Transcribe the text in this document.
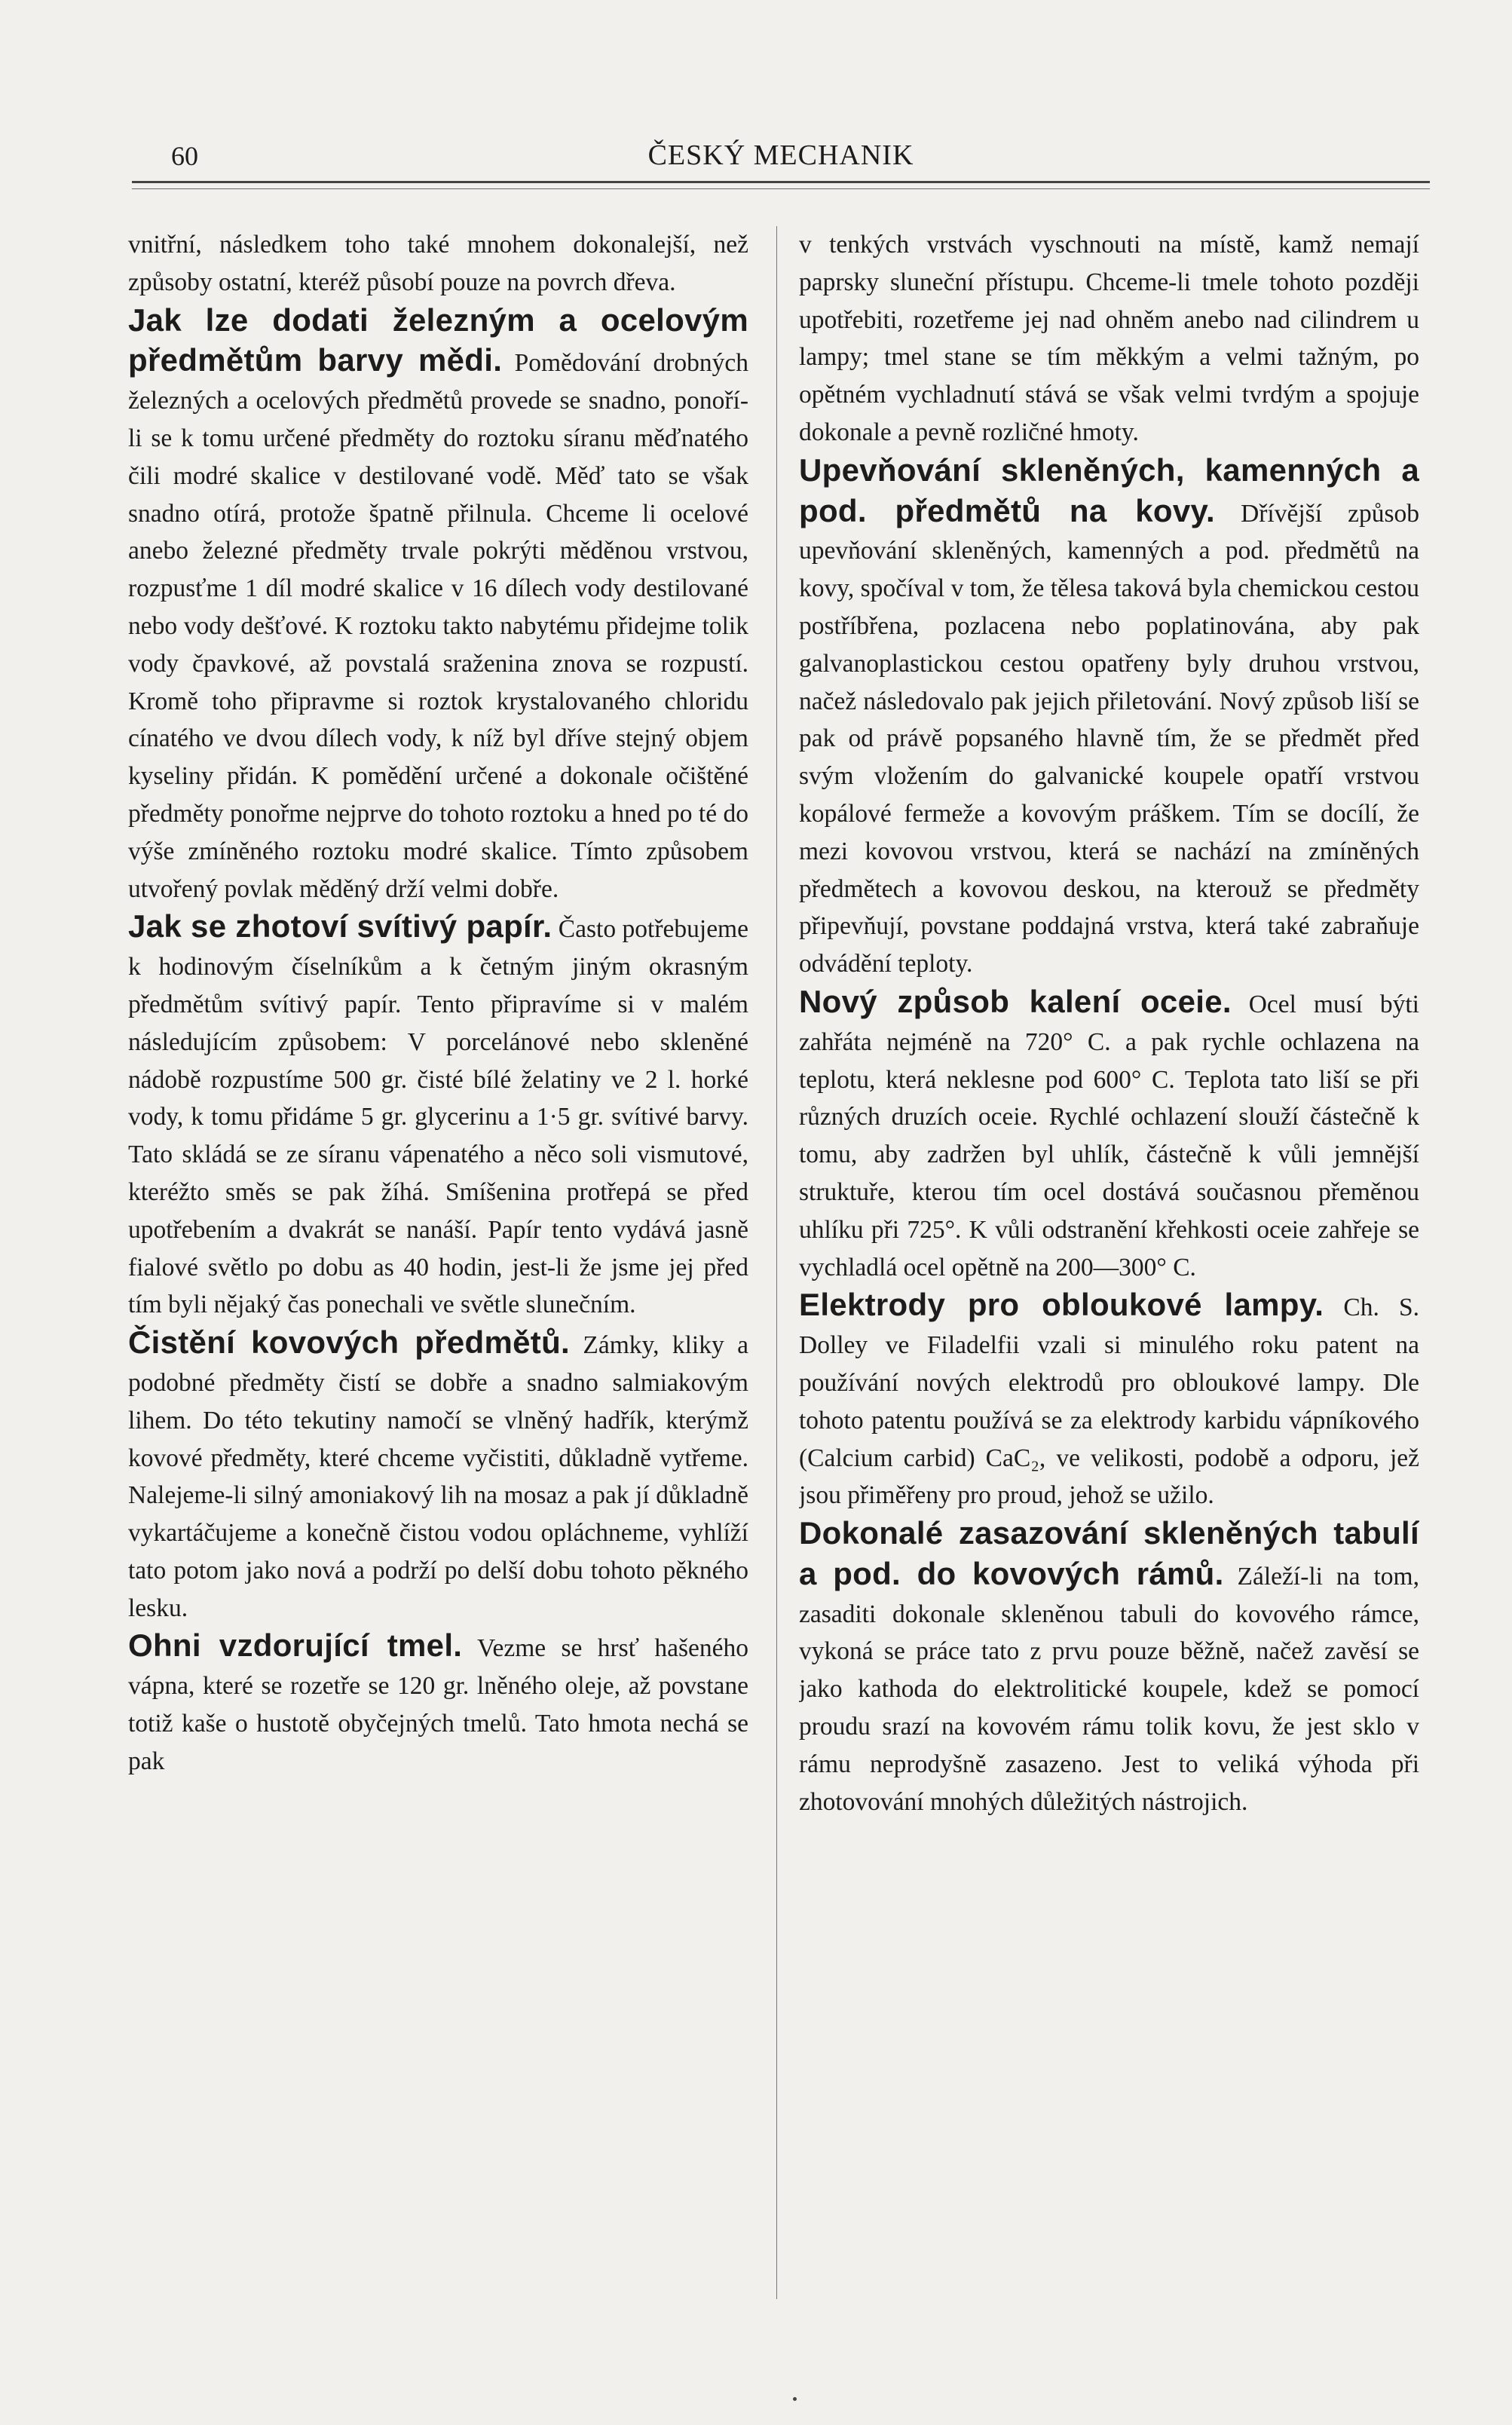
60	ČESKÝ MECHANIK

vnitřní, následkem toho také mnohem dokonalejší, než způsoby ostatní, kteréž působí pouze na povrch dřeva.

Jak lze dodati železným a ocelovým předmětům barvy mědi. Pomědování drobných železných a ocelových předmětů provede se snadno, ponoří-li se k tomu určené předměty do roztoku síranu měďnatého čili modré skalice v destilované vodě. Měď tato se však snadno otírá, protože špatně přilnula. Chceme li ocelové anebo železné předměty trvale pokrýti měděnou vrstvou, rozpusťme 1 díl modré skalice v 16 dílech vody destilované nebo vody dešťové. K roztoku takto nabytému přidejme tolik vody čpavkové, až povstalá sraženina znova se rozpustí. Kromě toho připravme si roztok krystalovaného chloridu cínatého ve dvou dílech vody, k níž byl dříve stejný objem kyseliny přidán. K pomědění určené a dokonale očištěné předměty ponořme nejprve do tohoto roztoku a hned po té do výše zmíněného roztoku modré skalice. Tímto způsobem utvořený povlak měděný drží velmi dobře.

Jak se zhotoví svítivý papír. Často potřebujeme k hodinovým číselníkům a k četným jiným okrasným předmětům svítivý papír. Tento připravíme si v malém následujícím způsobem: V porcelánové nebo skleněné nádobě rozpustíme 500 gr. čisté bílé želatiny ve 2 l. horké vody, k tomu přidáme 5 gr. glycerinu a 1·5 gr. svítivé barvy. Tato skládá se ze síranu vápenatého a něco soli vismutové, kteréžto směs se pak žíhá. Smíšenina protřepá se před upotřebením a dvakrát se nanáší. Papír tento vydává jasně fialové světlo po dobu as 40 hodin, jest-li že jsme jej před tím byli nějaký čas ponechali ve světle slunečním.

Čistění kovových předmětů. Zámky, kliky a podobné předměty čistí se dobře a snadno salmiakovým lihem. Do této tekutiny namočí se vlněný hadřík, kterýmž kovové předměty, které chceme vyčistiti, důkladně vytřeme. Nalejeme-li silný amoniakový lih na mosaz a pak jí důkladně vykartáčujeme a konečně čistou vodou opláchneme, vyhlíží tato potom jako nová a podrží po delší dobu tohoto pěkného lesku.

Ohni vzdorující tmel. Vezme se hrsť hašeného vápna, které se rozetře se 120 gr. lněného oleje, až povstane totiž kaše o hustotě obyčejných tmelů. Tato hmota nechá se pak

v tenkých vrstvách vyschnouti na místě, kamž nemají paprsky sluneční přístupu. Chceme-li tmele tohoto později upotřebiti, rozetřeme jej nad ohněm anebo nad cilindrem u lampy; tmel stane se tím měkkým a velmi tažným, po opětném vychladnutí stává se však velmi tvrdým a spojuje dokonale a pevně rozličné hmoty.

Upevňování skleněných, kamenných a pod. předmětů na kovy. Dřívější způsob upevňování skleněných, kamenných a pod. předmětů na kovy, spočíval v tom, že tělesa taková byla chemickou cestou postříbřena, pozlacena nebo poplatinována, aby pak galvanoplastickou cestou opatřeny byly druhou vrstvou, načež následovalo pak jejich přiletování. Nový způsob liší se pak od právě popsaného hlavně tím, že se předmět před svým vložením do galvanické koupele opatří vrstvou kopálové fermeže a kovovým práškem. Tím se docílí, že mezi kovovou vrstvou, která se nachází na zmíněných předmětech a kovovou deskou, na kterouž se předměty připevňují, povstane poddajná vrstva, která také zabraňuje odvádění teploty.

Nový způsob kalení oceie. Ocel musí býti zahřáta nejméně na 720° C. a pak rychle ochlazena na teplotu, která neklesne pod 600° C. Teplota tato liší se při různých druzích oceie. Rychlé ochlazení slouží částečně k tomu, aby zadržen byl uhlík, částečně k vůli jemnější struktuře, kterou tím ocel dostává současnou přeměnou uhlíku při 725°. K vůli odstranění křehkosti oceie zahřeje se vychladlá ocel opětně na 200—300° C.

Elektrody pro obloukové lampy. Ch. S. Dolley ve Filadelfii vzali si minulého roku patent na používání nových elektrodů pro obloukové lampy. Dle tohoto patentu používá se za elektrody karbidu vápníkového (Calcium carbid) CaC₂, ve velikosti, podobě a odporu, jež jsou přiměřeny pro proud, jehož se užilo.

Dokonalé zasazování skleněných tabulí a pod. do kovových rámů. Záleží-li na tom, zasaditi dokonale skleněnou tabuli do kovového rámce, vykoná se práce tato z prvu pouze běžně, načež zavěsí se jako kathoda do elektrolitické koupele, kdež se pomocí proudu srazí na kovovém rámu tolik kovu, že jest sklo v rámu neprodyšně zasazeno. Jest to veliká výhoda při zhotovování mnohých důležitých nástrojich.
